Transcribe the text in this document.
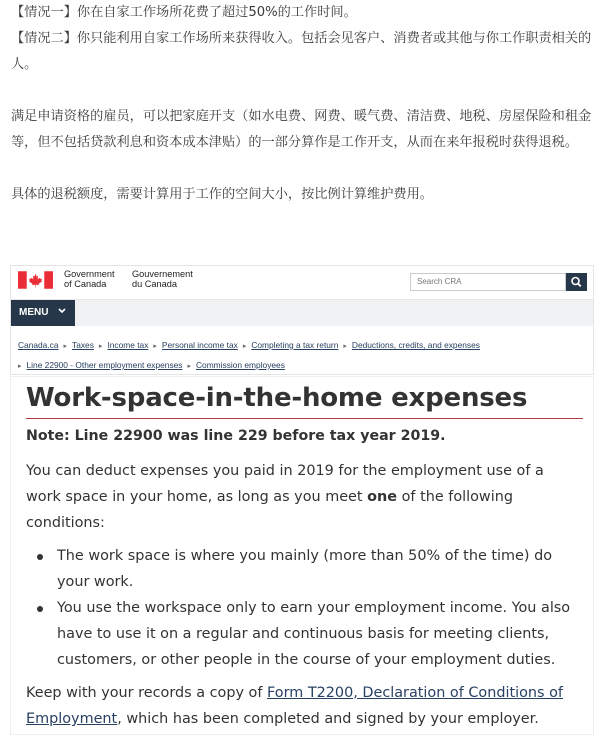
【情况一】你在自家工作场所花费了超过50%的工作时间。

【情况二】你只能利用自家工作场所来获得收入。包括会见客户、消费者或其他与你工作职责相关的人。

满足申请资格的雇员，可以把家庭开支（如水电费、网费、暖气费、清洁费、地税、房屋保险和租金等，但不包括贷款利息和资本成本津贴）的一部分算作是工作开支，从而在来年报税时获得退税。

具体的退税额度，需要计算用于工作的空间大小，按比例计算维护费用。

Government
of Canada
Gouvernement
du Canada	Search CRA
MENU
Canada.ca ▸ Taxes ▸ Income tax ▸ Personal income tax ▸ Completing a tax return ▸ Deductions, credits, and expenses
▸ Line 22900 - Other employment expenses ▸ Commission employees
Work-space-in-the-home expenses

Note: Line 22900 was line 229 before tax year 2019.

You can deduct expenses you paid in 2019 for the employment use of a work space in your home, as long as you meet one of the following conditions:

The work space is where you mainly (more than 50% of the time) do your work.
You use the workspace only to earn your employment income. You also have to use it on a regular and continuous basis for meeting clients, customers, or other people in the course of your employment duties.

Keep with your records a copy of Form T2200, Declaration of Conditions of Employment, which has been completed and signed by your employer.
